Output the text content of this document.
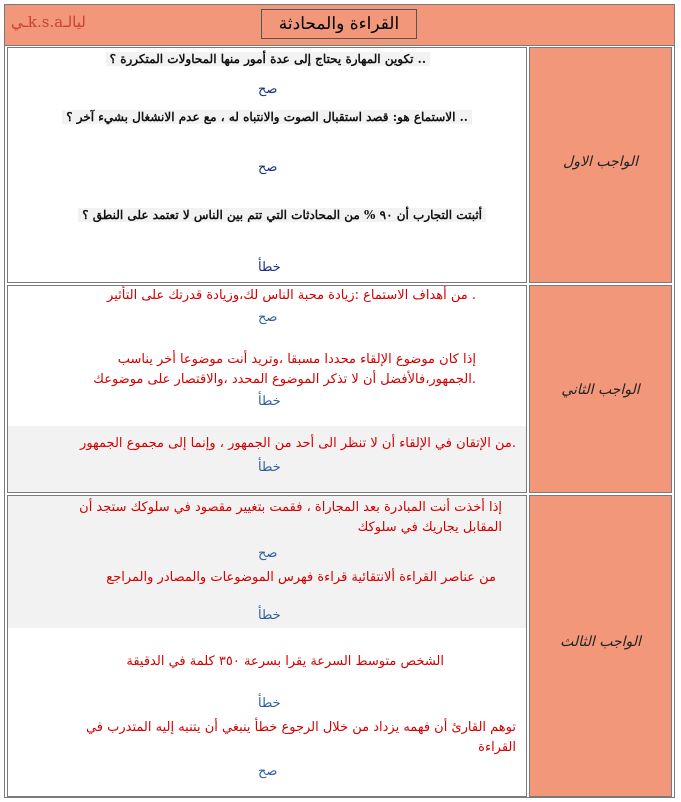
ليالـk.s.aـي	القراءة والمحادثة
.. تكوين المهارة يحتاج إلى عدة أمور منها المحاولات المتكررة ؟
صح
.. الاستماع هو: قصد استقبال الصوت والانتباه له ، مع عدم الانشغال بشيء آخر ؟
صح
أثبتت التجارب أن ٩٠ % من المحادثات التي تتم بين الناس لا تعتمد على النطق ؟
خطأ
الواجب الاول
. من أهداف الاستماع :زيادة محبة الناس لك،وزيادة قدرتك على التأثير
صح
إذا كان موضوع الإلقاء محددا مسبقا ،وتريد أنت موضوعا أخر يناسب
.الجمهور،فالأفضل أن لا تذكر الموضوع المحدد ،والاقتصار على موضوعك
خطأ
.من الإتقان في الإلقاء أن لا تنظر الى أحد من الجمهور ، وإنما إلى مجموع الجمهور
خطأ
الواجب الثاني
إذا أخذت أنت المبادرة بعد المجاراة ، فقمت بتغيير مقصود في سلوكك ستجد أن
المقابل يجاريك في سلوكك
صح
من عناصر القراءة ألانتقائية قراءة فهرس الموضوعات والمصادر والمراجع
خطأ
الشخص متوسط السرعة يقرا بسرعة ٣٥٠ كلمة في الدقيقة
خطأ
توهم القارئ أن فهمه يزداد من خلال الرجوع خطأ ينبغي أن يتنبه إليه المتدرب في
القراءة
صح
الواجب الثالث
